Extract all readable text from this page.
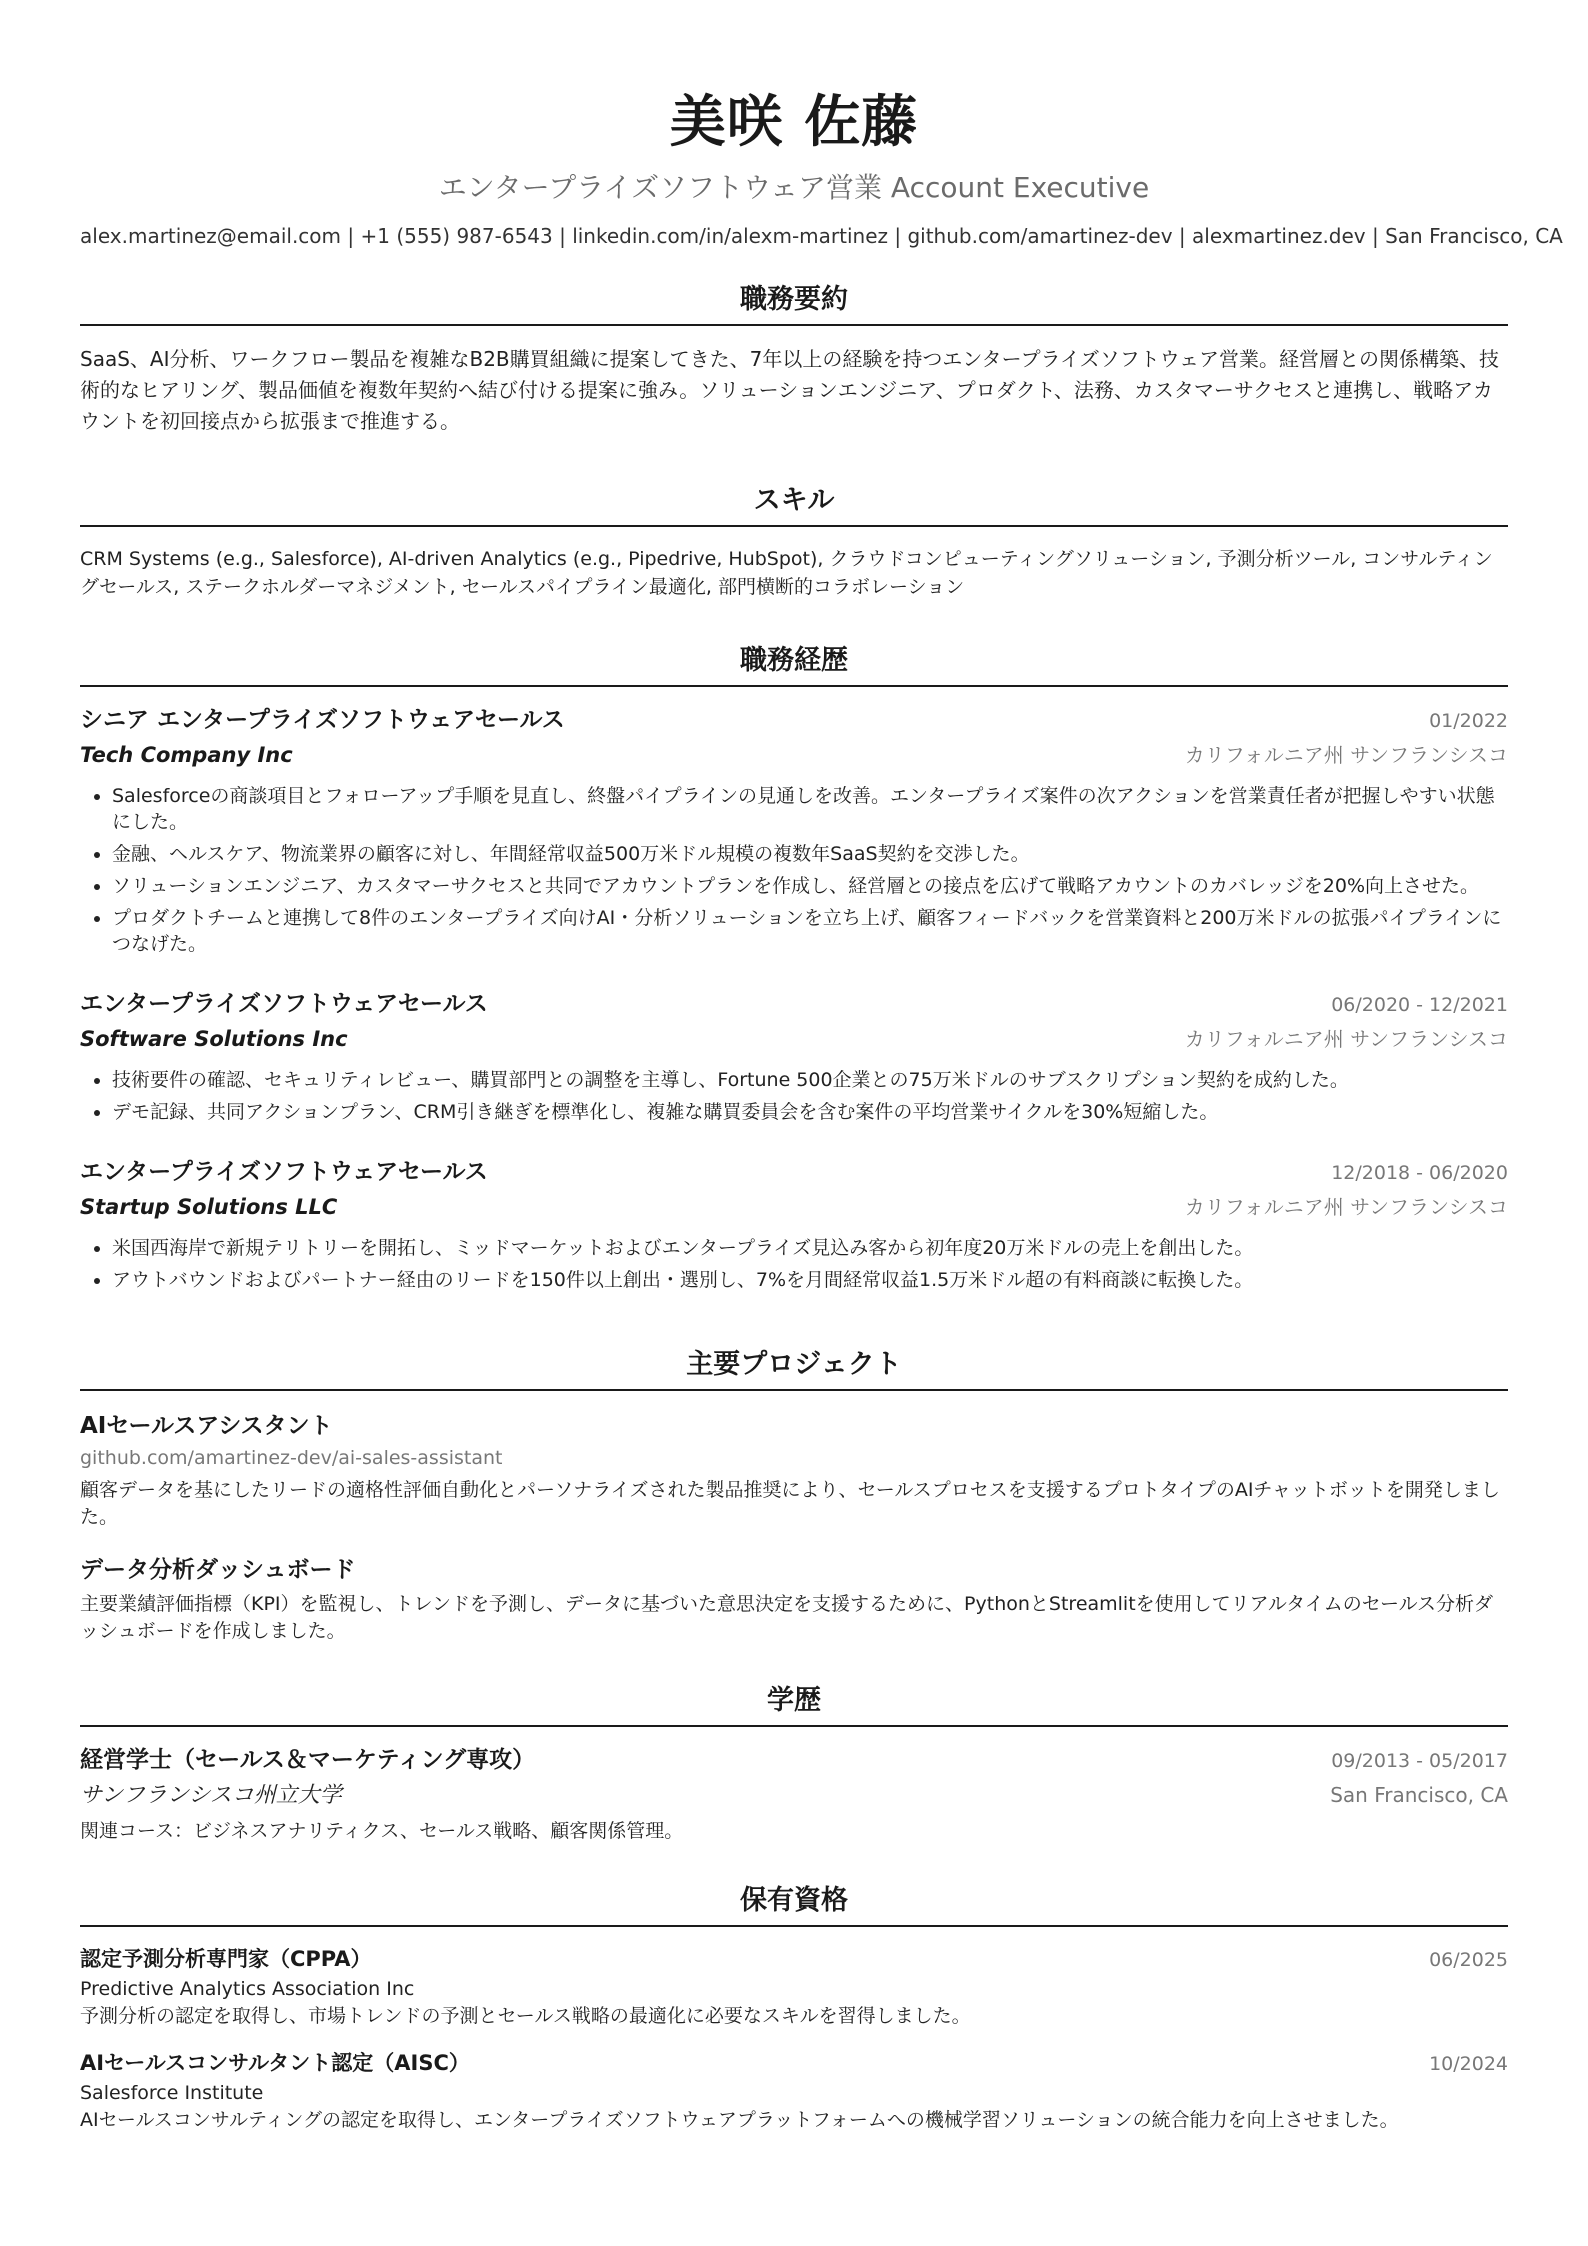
美咲 佐藤
エンタープライズソフトウェア営業 Account Executive
alex.martinez@email.com | +1 (555) 987-6543 | linkedin.com/in/alexm-martinez | github.com/amartinez-dev | alexmartinez.dev | San Francisco, CA
職務要約
SaaS、AI分析、ワークフロー製品を複雑なB2B購買組織に提案してきた、7年以上の経験を持つエンタープライズソフトウェア営業。経営層との関係構築、技術的なヒアリング、製品価値を複数年契約へ結び付ける提案に強み。ソリューションエンジニア、プロダクト、法務、カスタマーサクセスと連携し、戦略アカウントを初回接点から拡張まで推進する。
スキル
CRM Systems (e.g., Salesforce), AI-driven Analytics (e.g., Pipedrive, HubSpot), クラウドコンピューティングソリューション, 予測分析ツール, コンサルティングセールス, ステークホルダーマネジメント, セールスパイプライン最適化, 部門横断的コラボレーション
職務経歴
シニア エンタープライズソフトウェアセールス	01/2022
Tech Company Inc	カリフォルニア州 サンフランシスコ
• Salesforceの商談項目とフォローアップ手順を見直し、終盤パイプラインの見通しを改善。エンタープライズ案件の次アクションを営業責任者が把握しやすい状態にした。
• 金融、ヘルスケア、物流業界の顧客に対し、年間経常収益500万米ドル規模の複数年SaaS契約を交渉した。
• ソリューションエンジニア、カスタマーサクセスと共同でアカウントプランを作成し、経営層との接点を広げて戦略アカウントのカバレッジを20%向上させた。
• プロダクトチームと連携して8件のエンタープライズ向けAI・分析ソリューションを立ち上げ、顧客フィードバックを営業資料と200万米ドルの拡張パイプラインにつなげた。
エンタープライズソフトウェアセールス	06/2020 - 12/2021
Software Solutions Inc	カリフォルニア州 サンフランシスコ
• 技術要件の確認、セキュリティレビュー、購買部門との調整を主導し、Fortune 500企業との75万米ドルのサブスクリプション契約を成約した。
• デモ記録、共同アクションプラン、CRM引き継ぎを標準化し、複雑な購買委員会を含む案件の平均営業サイクルを30%短縮した。
エンタープライズソフトウェアセールス	12/2018 - 06/2020
Startup Solutions LLC	カリフォルニア州 サンフランシスコ
• 米国西海岸で新規テリトリーを開拓し、ミッドマーケットおよびエンタープライズ見込み客から初年度20万米ドルの売上を創出した。
• アウトバウンドおよびパートナー経由のリードを150件以上創出・選別し、7%を月間経常収益1.5万米ドル超の有料商談に転換した。
主要プロジェクト
AIセールスアシスタント
github.com/amartinez-dev/ai-sales-assistant
顧客データを基にしたリードの適格性評価自動化とパーソナライズされた製品推奨により、セールスプロセスを支援するプロトタイプのAIチャットボットを開発しました。
データ分析ダッシュボード
主要業績評価指標（KPI）を監視し、トレンドを予測し、データに基づいた意思決定を支援するために、PythonとStreamlitを使用してリアルタイムのセールス分析ダッシュボードを作成しました。
学歴
経営学士（セールス＆マーケティング専攻）	09/2013 - 05/2017
サンフランシスコ州立大学	San Francisco, CA
関連コース：ビジネスアナリティクス、セールス戦略、顧客関係管理。
保有資格
認定予測分析専門家（CPPA）	06/2025
Predictive Analytics Association Inc
予測分析の認定を取得し、市場トレンドの予測とセールス戦略の最適化に必要なスキルを習得しました。
AIセールスコンサルタント認定（AISC）	10/2024
Salesforce Institute
AIセールスコンサルティングの認定を取得し、エンタープライズソフトウェアプラットフォームへの機械学習ソリューションの統合能力を向上させました。
